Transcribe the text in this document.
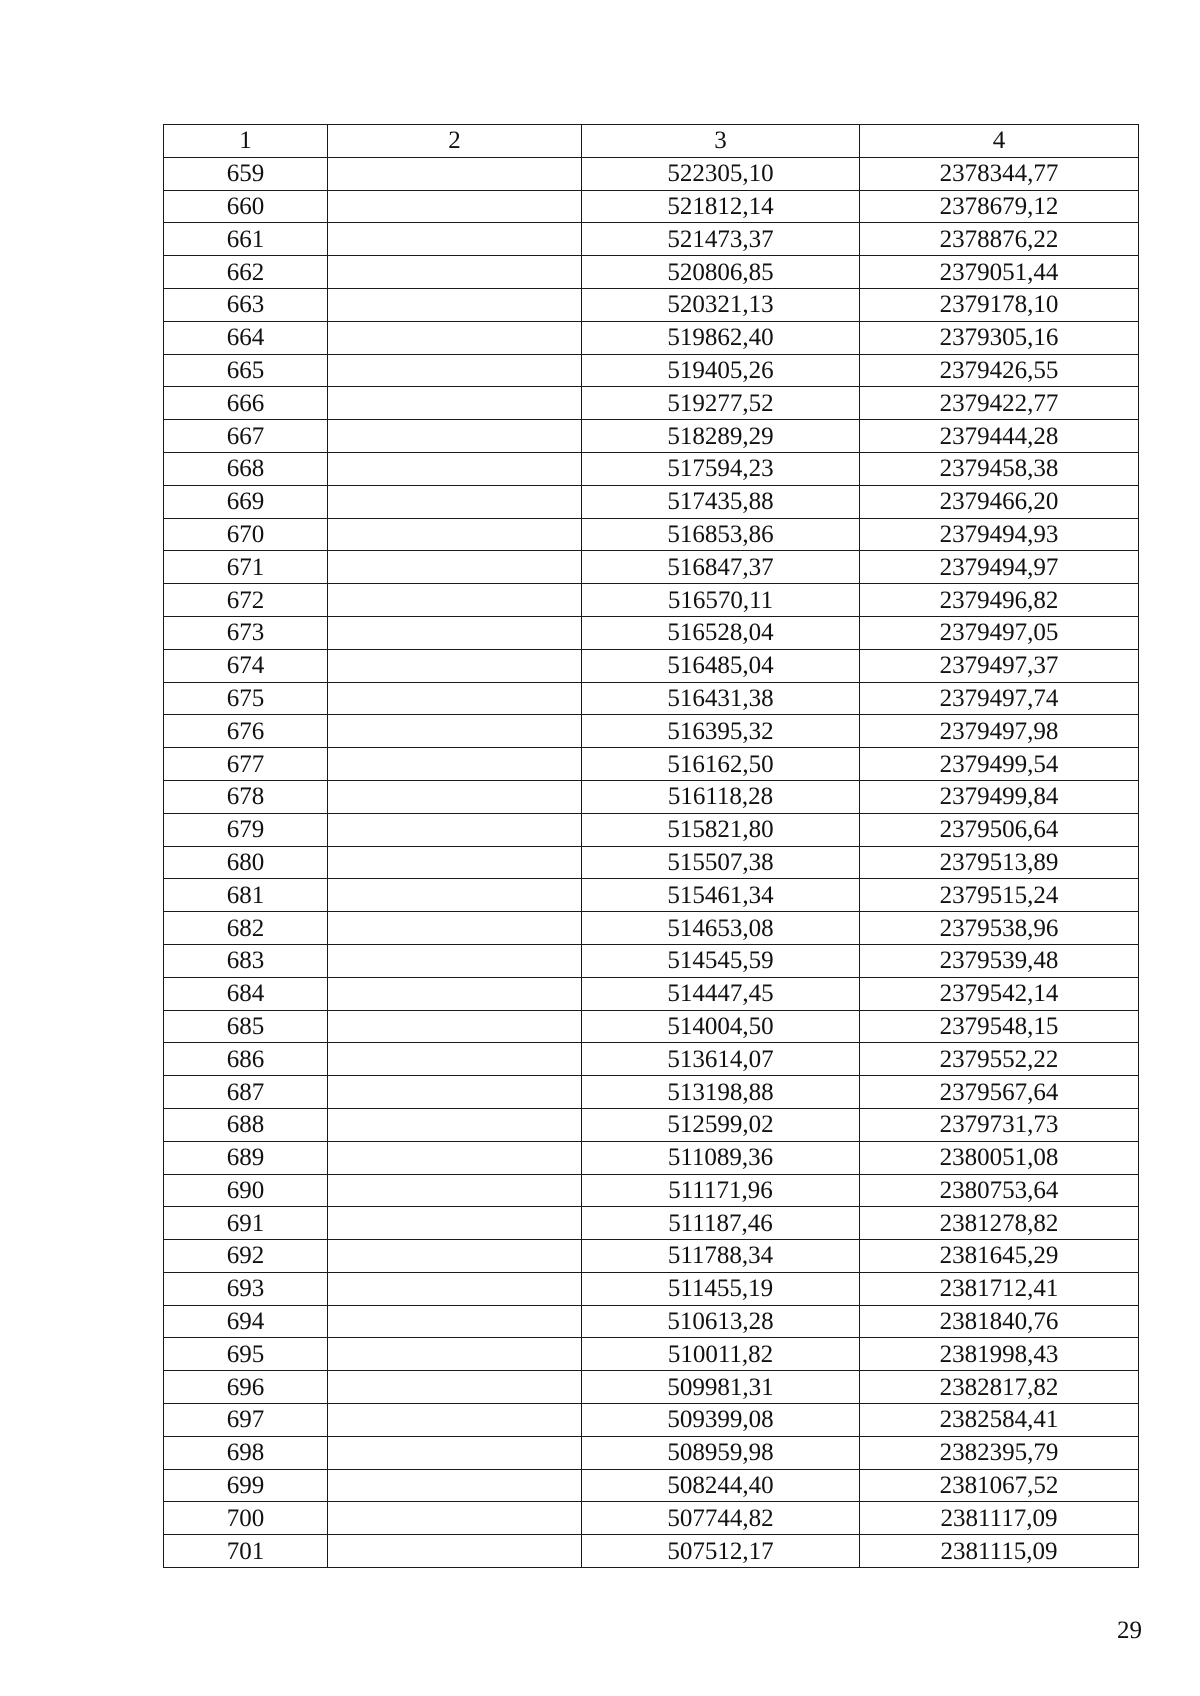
1	2	3	4
659		522305,10	2378344,77
660		521812,14	2378679,12
661		521473,37	2378876,22
662		520806,85	2379051,44
663		520321,13	2379178,10
664		519862,40	2379305,16
665		519405,26	2379426,55
666		519277,52	2379422,77
667		518289,29	2379444,28
668		517594,23	2379458,38
669		517435,88	2379466,20
670		516853,86	2379494,93
671		516847,37	2379494,97
672		516570,11	2379496,82
673		516528,04	2379497,05
674		516485,04	2379497,37
675		516431,38	2379497,74
676		516395,32	2379497,98
677		516162,50	2379499,54
678		516118,28	2379499,84
679		515821,80	2379506,64
680		515507,38	2379513,89
681		515461,34	2379515,24
682		514653,08	2379538,96
683		514545,59	2379539,48
684		514447,45	2379542,14
685		514004,50	2379548,15
686		513614,07	2379552,22
687		513198,88	2379567,64
688		512599,02	2379731,73
689		511089,36	2380051,08
690		511171,96	2380753,64
691		511187,46	2381278,82
692		511788,34	2381645,29
693		511455,19	2381712,41
694		510613,28	2381840,76
695		510011,82	2381998,43
696		509981,31	2382817,82
697		509399,08	2382584,41
698		508959,98	2382395,79
699		508244,40	2381067,52
700		507744,82	2381117,09
701		507512,17	2381115,09
29
